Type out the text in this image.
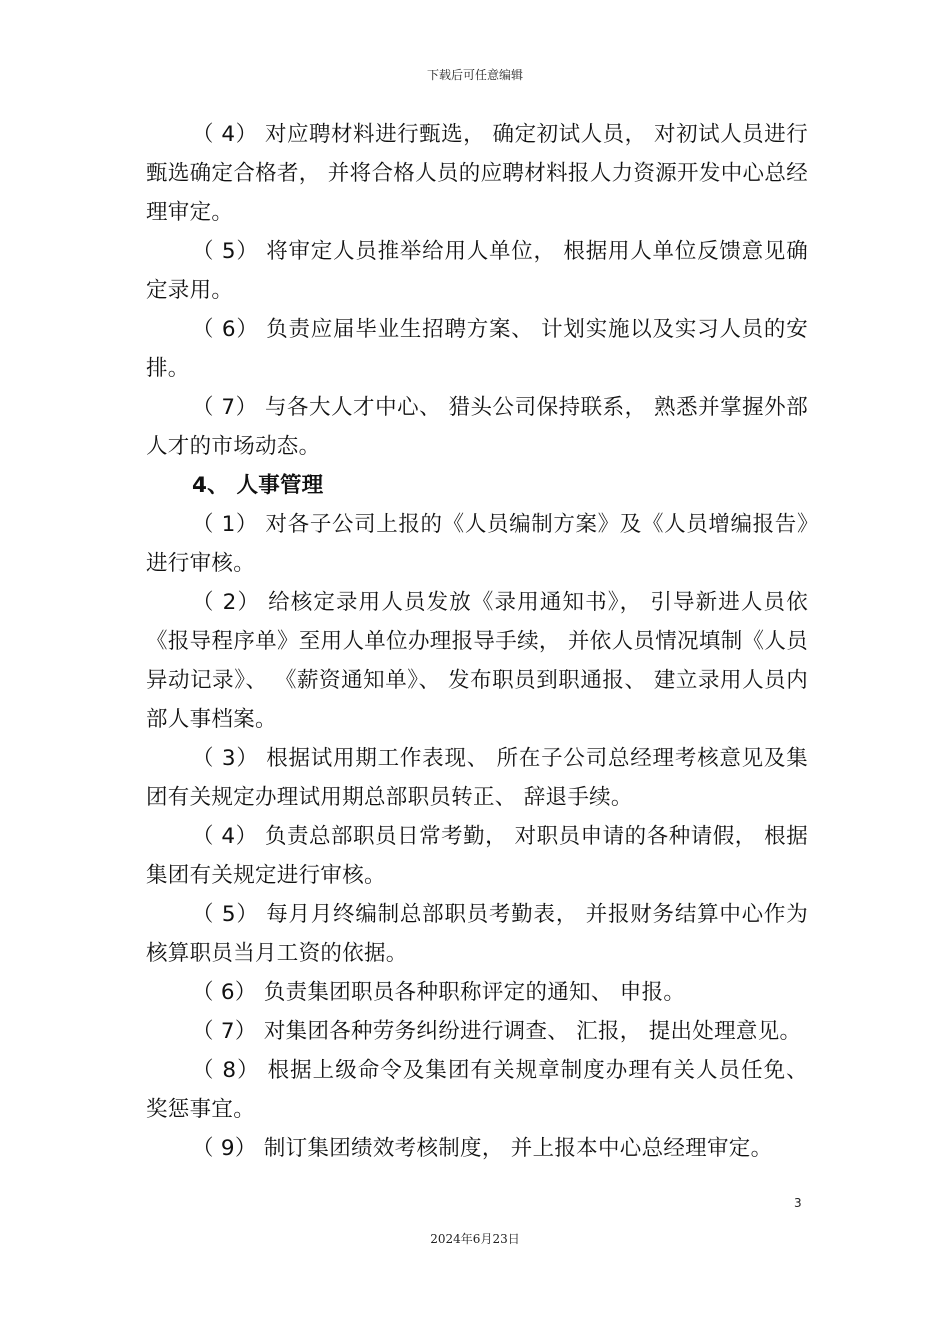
下载后可任意编辑

（ 4） 对应聘材料进行甄选， 确定初试人员， 对初试人员进行甄选确定合格者， 并将合格人员的应聘材料报人力资源开发中心总经理审定。

（ 5） 将审定人员推举给用人单位， 根据用人单位反馈意见确定录用。

（ 6） 负责应届毕业生招聘方案、 计划实施以及实习人员的安排。

（ 7） 与各大人才中心、 猎头公司保持联系， 熟悉并掌握外部人才的市场动态。

4、 人事管理

（ 1） 对各子公司上报的《人员编制方案》及《人员增编报告》进行审核。

（ 2） 给核定录用人员发放《录用通知书》， 引导新进人员依《报导程序单》至用人单位办理报导手续， 并依人员情况填制《人员异动记录》、 《薪资通知单》、 发布职员到职通报、 建立录用人员内部人事档案。

（ 3） 根据试用期工作表现、 所在子公司总经理考核意见及集团有关规定办理试用期总部职员转正、 辞退手续。

（ 4） 负责总部职员日常考勤， 对职员申请的各种请假， 根据集团有关规定进行审核。

（ 5） 每月月终编制总部职员考勤表， 并报财务结算中心作为核算职员当月工资的依据。

（ 6） 负责集团职员各种职称评定的通知、 申报。

（ 7） 对集团各种劳务纠纷进行调查、 汇报， 提出处理意见。

（ 8） 根据上级命令及集团有关规章制度办理有关人员任免、奖惩事宜。

（ 9） 制订集团绩效考核制度， 并上报本中心总经理审定。

3
2024年6月23日
